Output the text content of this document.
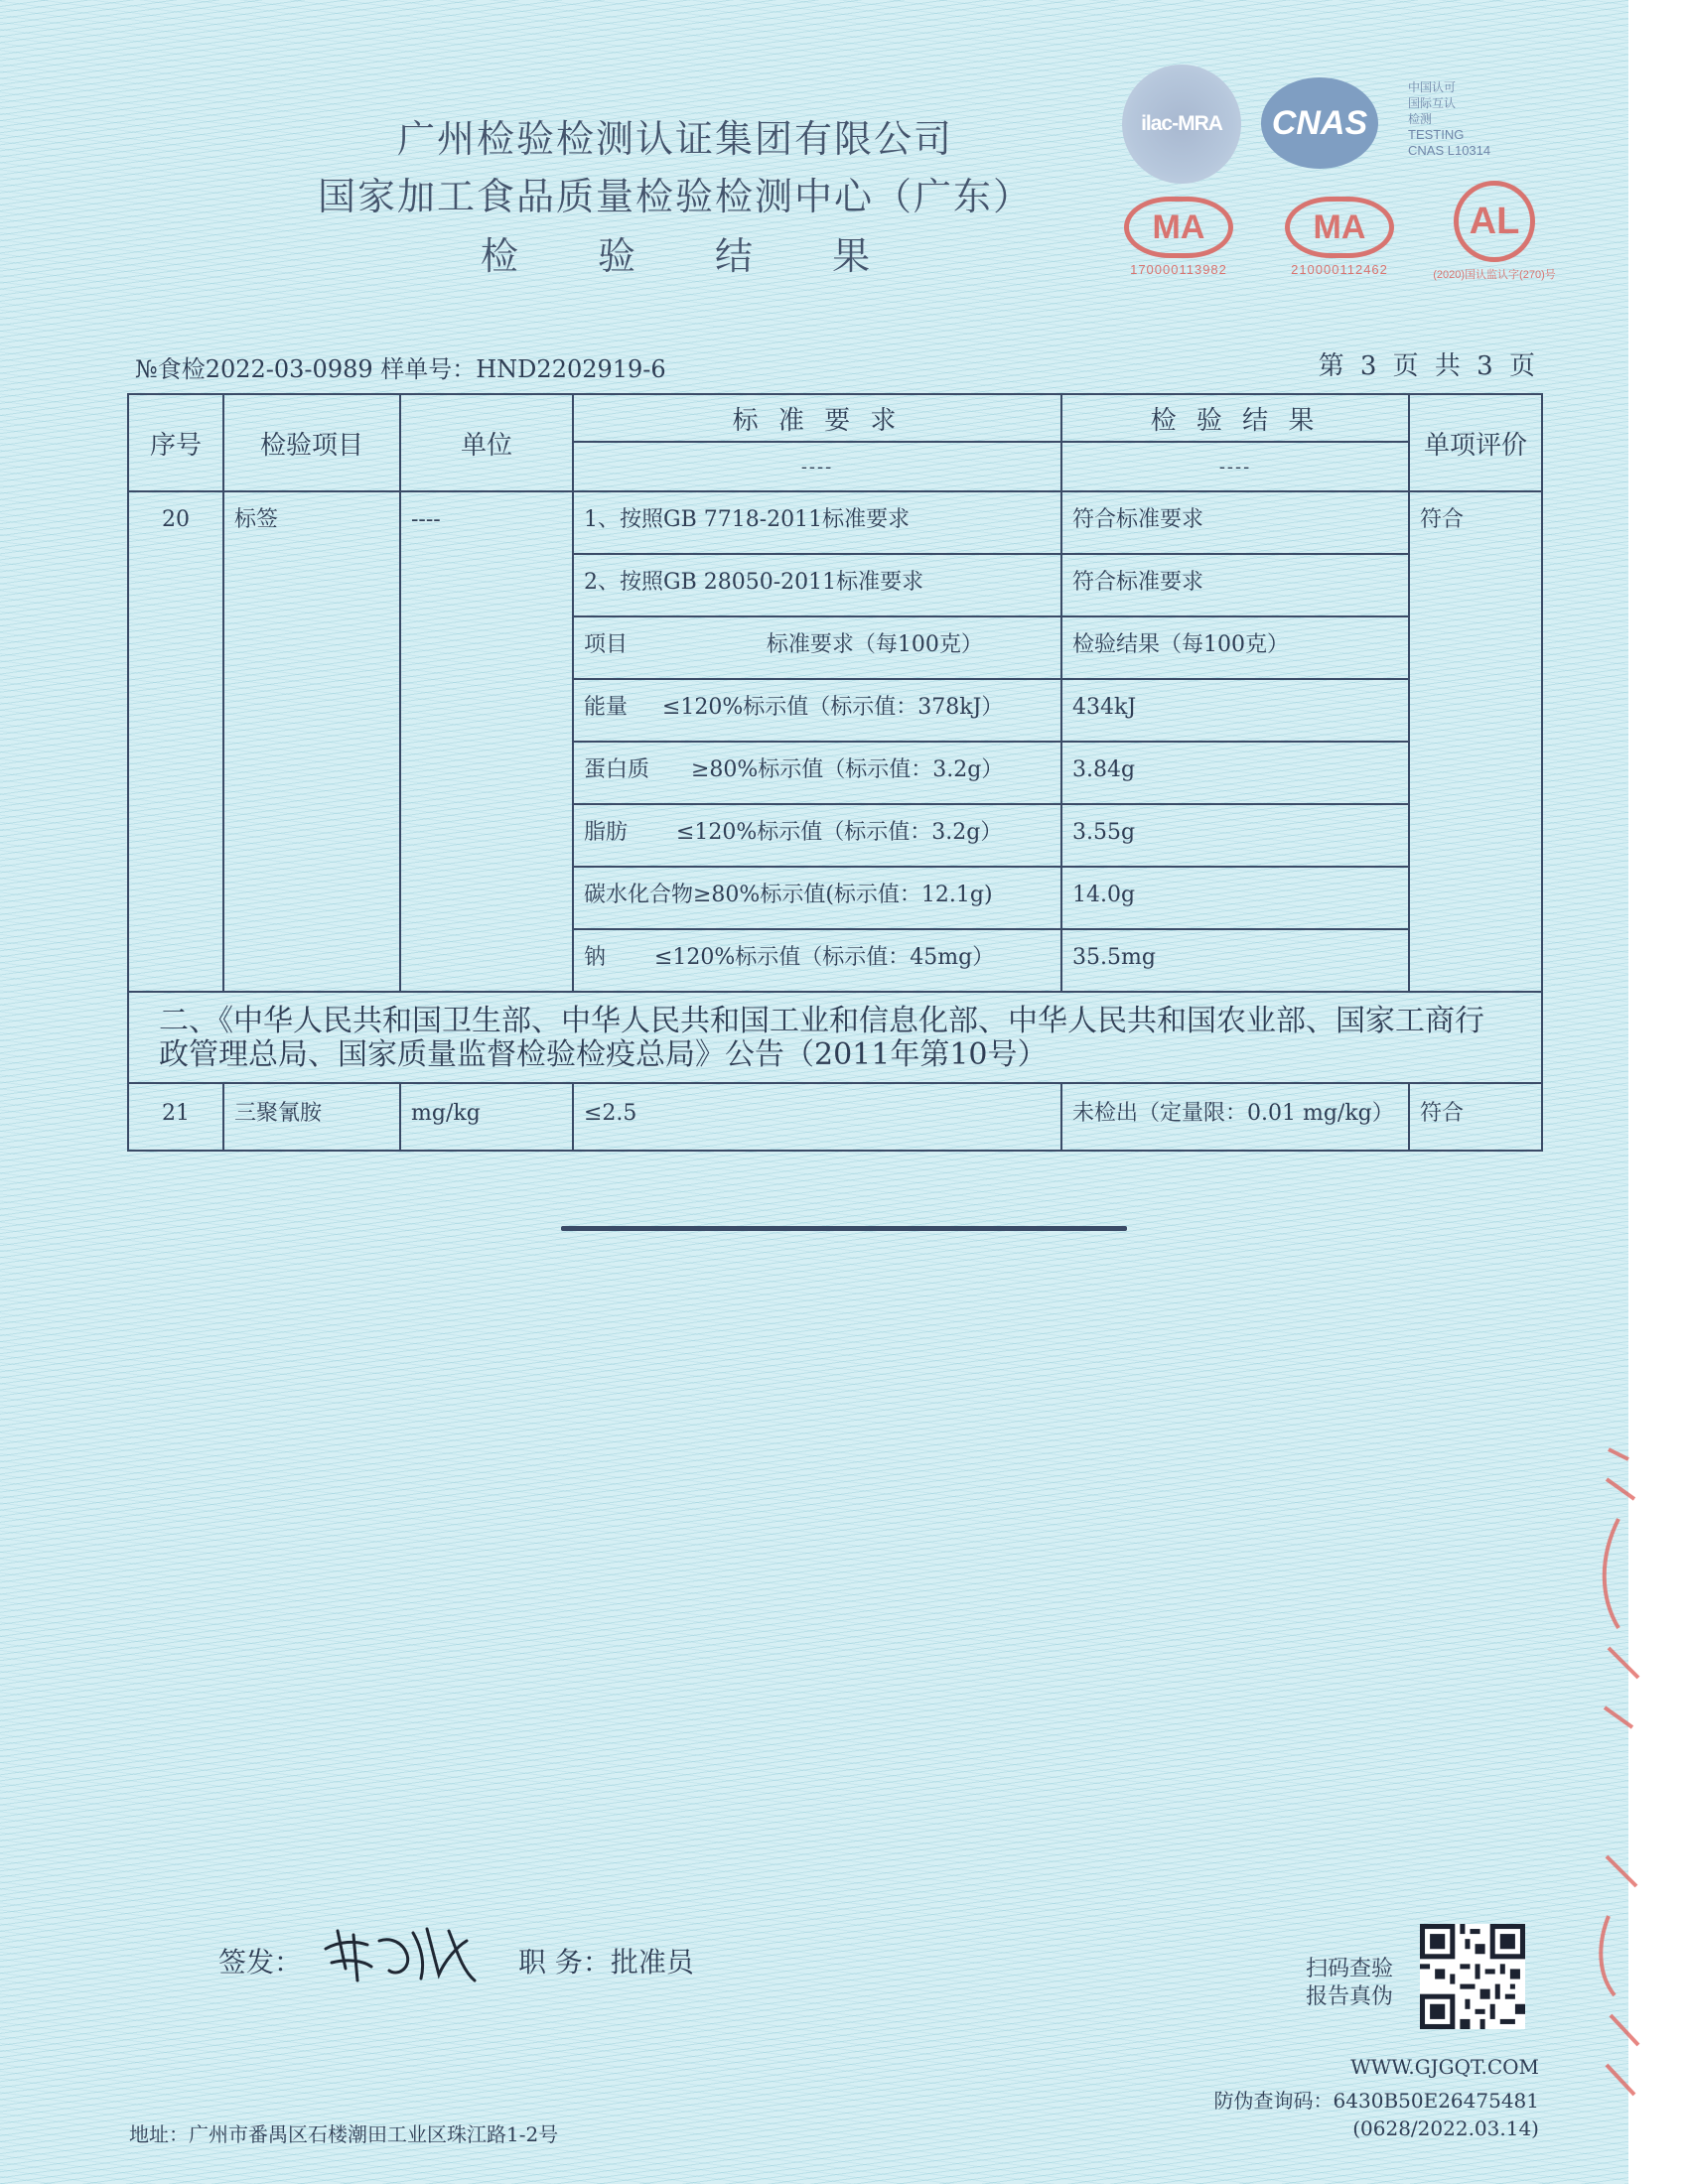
广州检验检测认证集团有限公司
国家加工食品质量检验检测中心（广东）
检 验 结 果
ilac-MRA CNAS
中国认可
国际互认
检测
TESTING
CNAS L10314
MA
170000113982
MA
210000112462
AL
(2020)国认监认字(270)号
№食检2022-03-0989 样单号：HND2202919-6	第 3 页 共 3 页
序号	检验项目	单位	标 准 要 求	检 验 结 果	单项评价
			----	----	
20	标签	----	1、按照GB 7718-2011标准要求	符合标准要求	符合
			2、按照GB 28050-2011标准要求	符合标准要求	
			项目                    标准要求（每100克）	检验结果（每100克）	
			能量     ≤120%标示值（标示值：378kJ）	434kJ	
			蛋白质      ≥80%标示值（标示值：3.2g）	3.84g	
			脂肪       ≤120%标示值（标示值：3.2g）	3.55g	
			碳水化合物≥80%标示值(标示值：12.1g)	14.0g	
			钠       ≤120%标示值（标示值：45mg）	35.5mg	
二、《中华人民共和国卫生部、中华人民共和国工业和信息化部、中华人民共和国农业部、国家工商行政管理总局、国家质量监督检验检疫总局》公告（2011年第10号）					
21	三聚氰胺	mg/kg	≤2.5	未检出（定量限：0.01 mg/kg）	符合
签发：	职 务：批准员	扫码查验
报告真伪
WWW.GJGQT.COM
防伪查询码：6430B50E26475481
(0628/2022.03.14)
地址：广州市番禺区石楼潮田工业区珠江路1-2号
